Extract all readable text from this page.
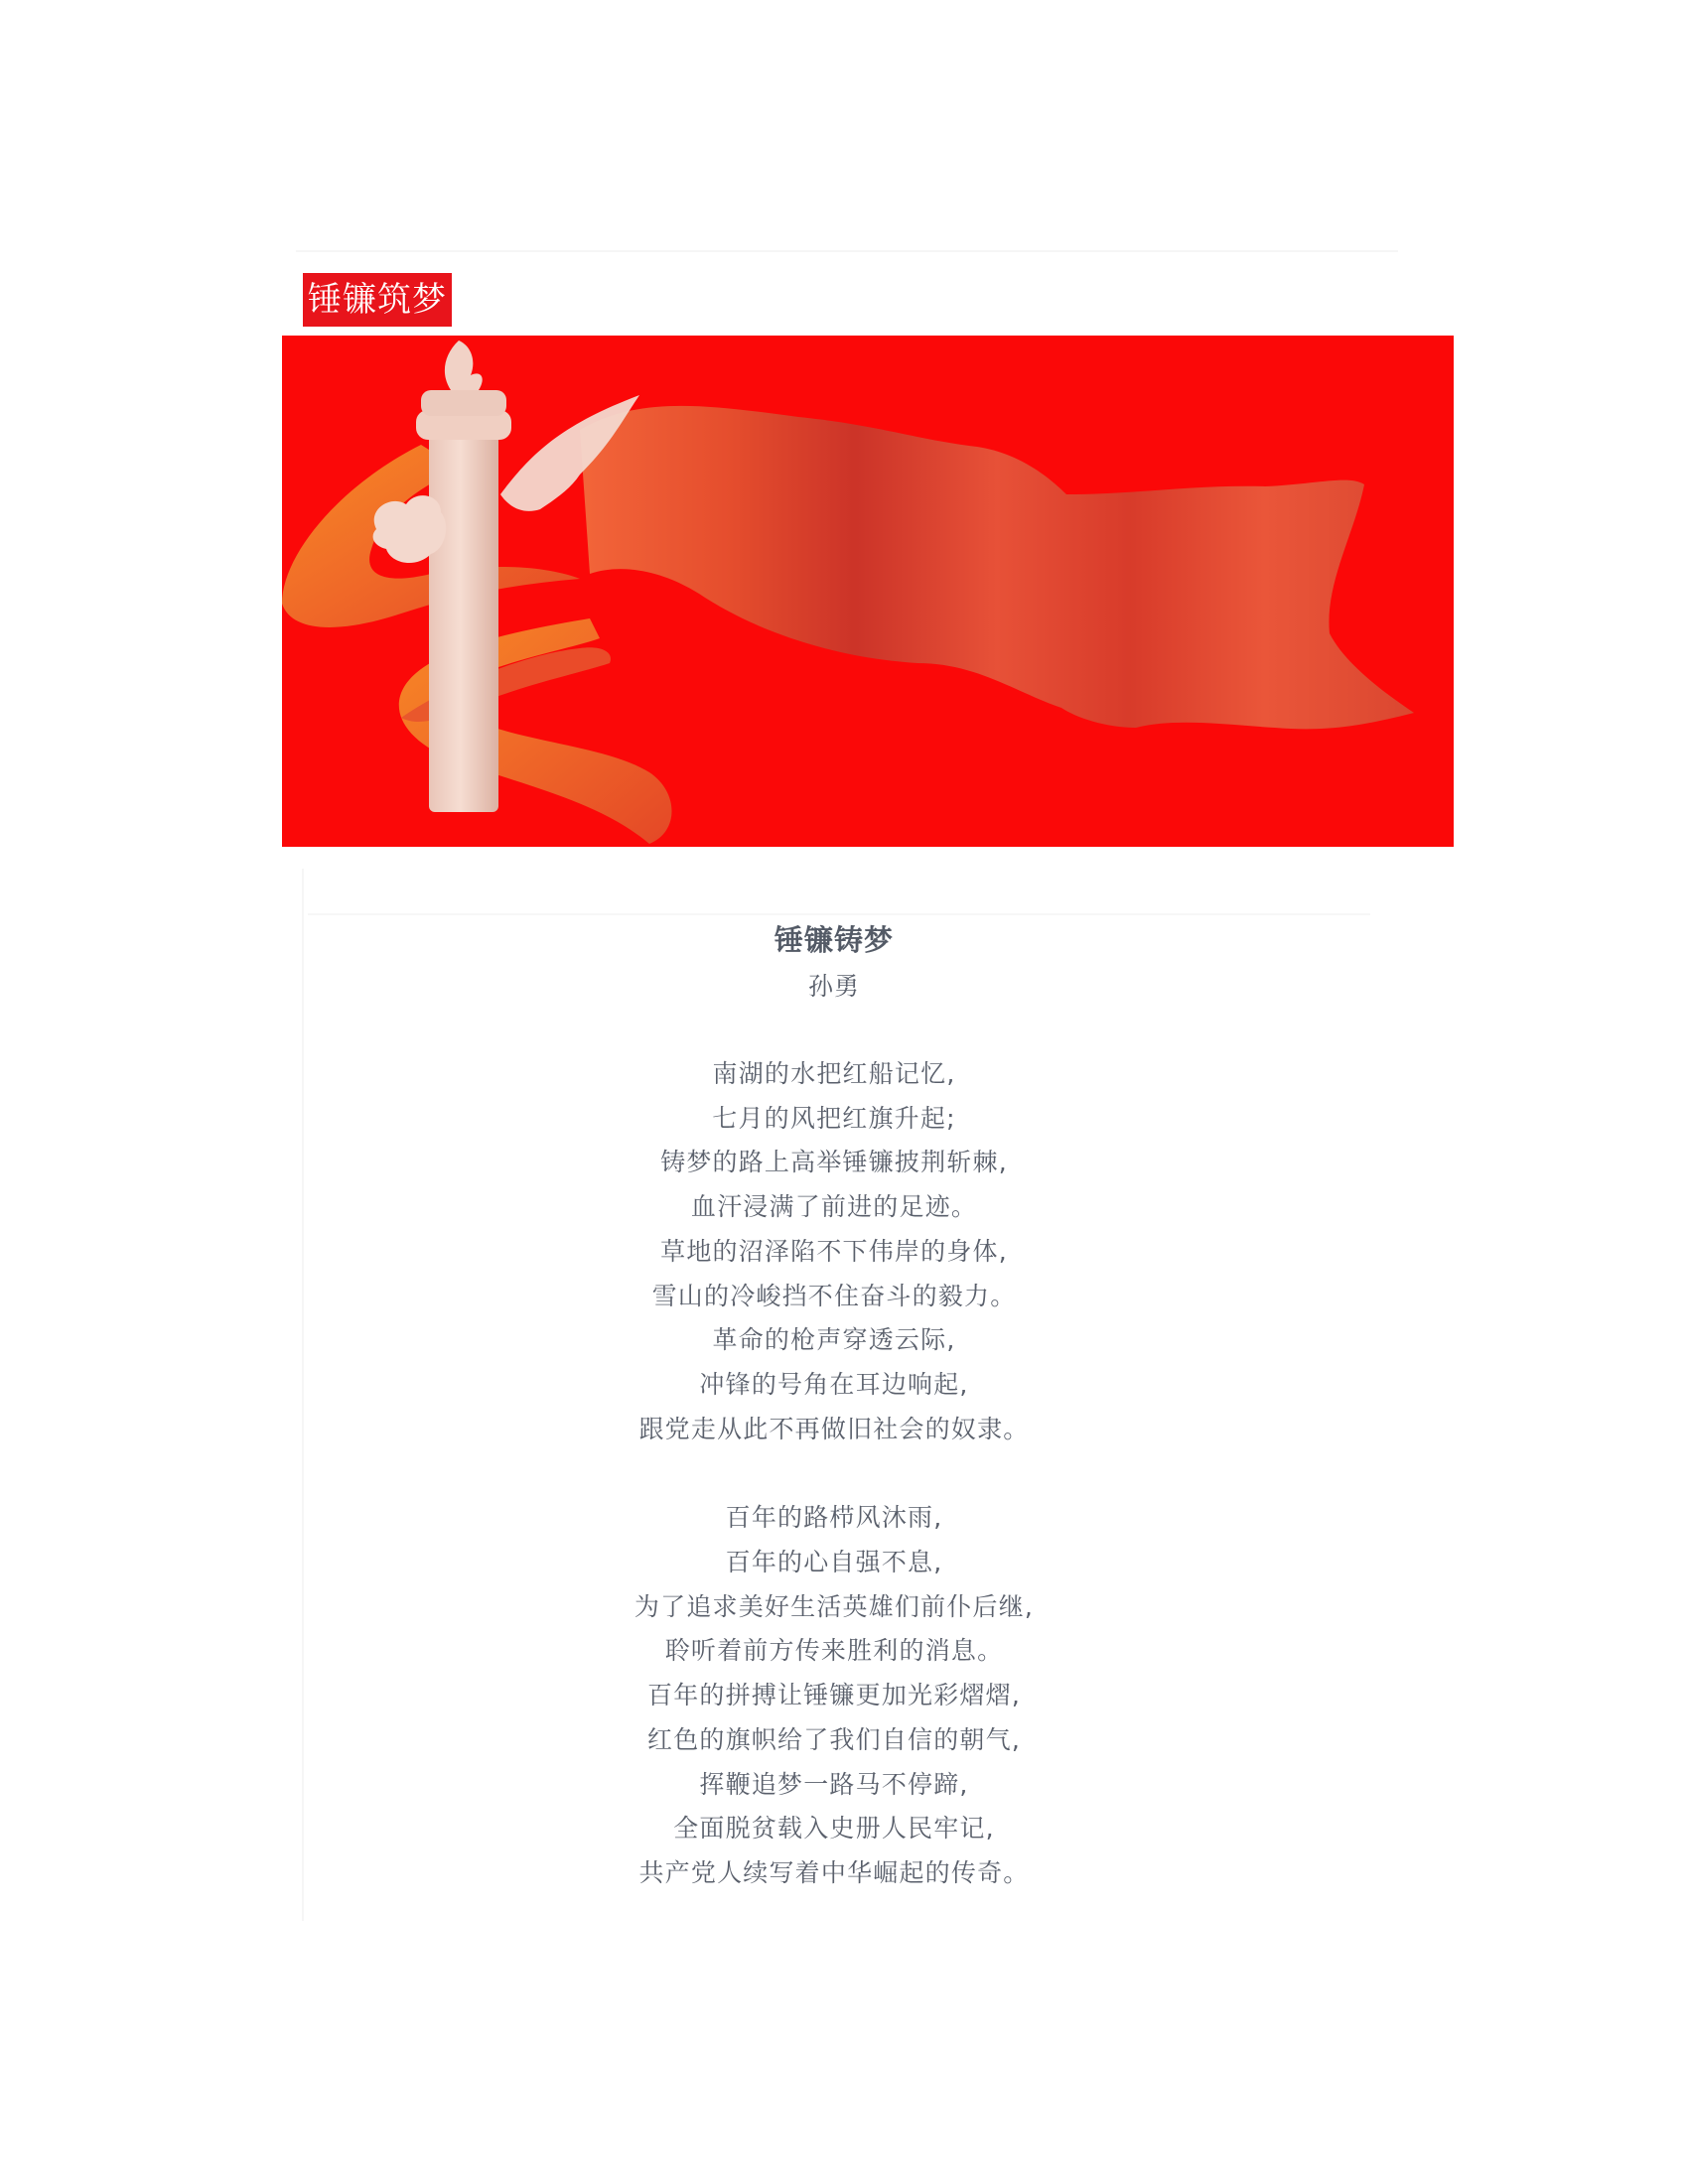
锤镰筑梦
锤镰铸梦
孙勇
南湖的水把红船记忆,
七月的风把红旗升起;
铸梦的路上高举锤镰披荆斩棘,
血汗浸满了前进的足迹。
草地的沼泽陷不下伟岸的身体,
雪山的冷峻挡不住奋斗的毅力。
革命的枪声穿透云际,
冲锋的号角在耳边响起,
跟党走从此不再做旧社会的奴隶。
百年的路栉风沐雨,
百年的心自强不息,
为了追求美好生活英雄们前仆后继,
聆听着前方传来胜利的消息。
百年的拼搏让锤镰更加光彩熠熠,
红色的旗帜给了我们自信的朝气,
挥鞭追梦一路马不停蹄,
全面脱贫载入史册人民牢记,
共产党人续写着中华崛起的传奇。
